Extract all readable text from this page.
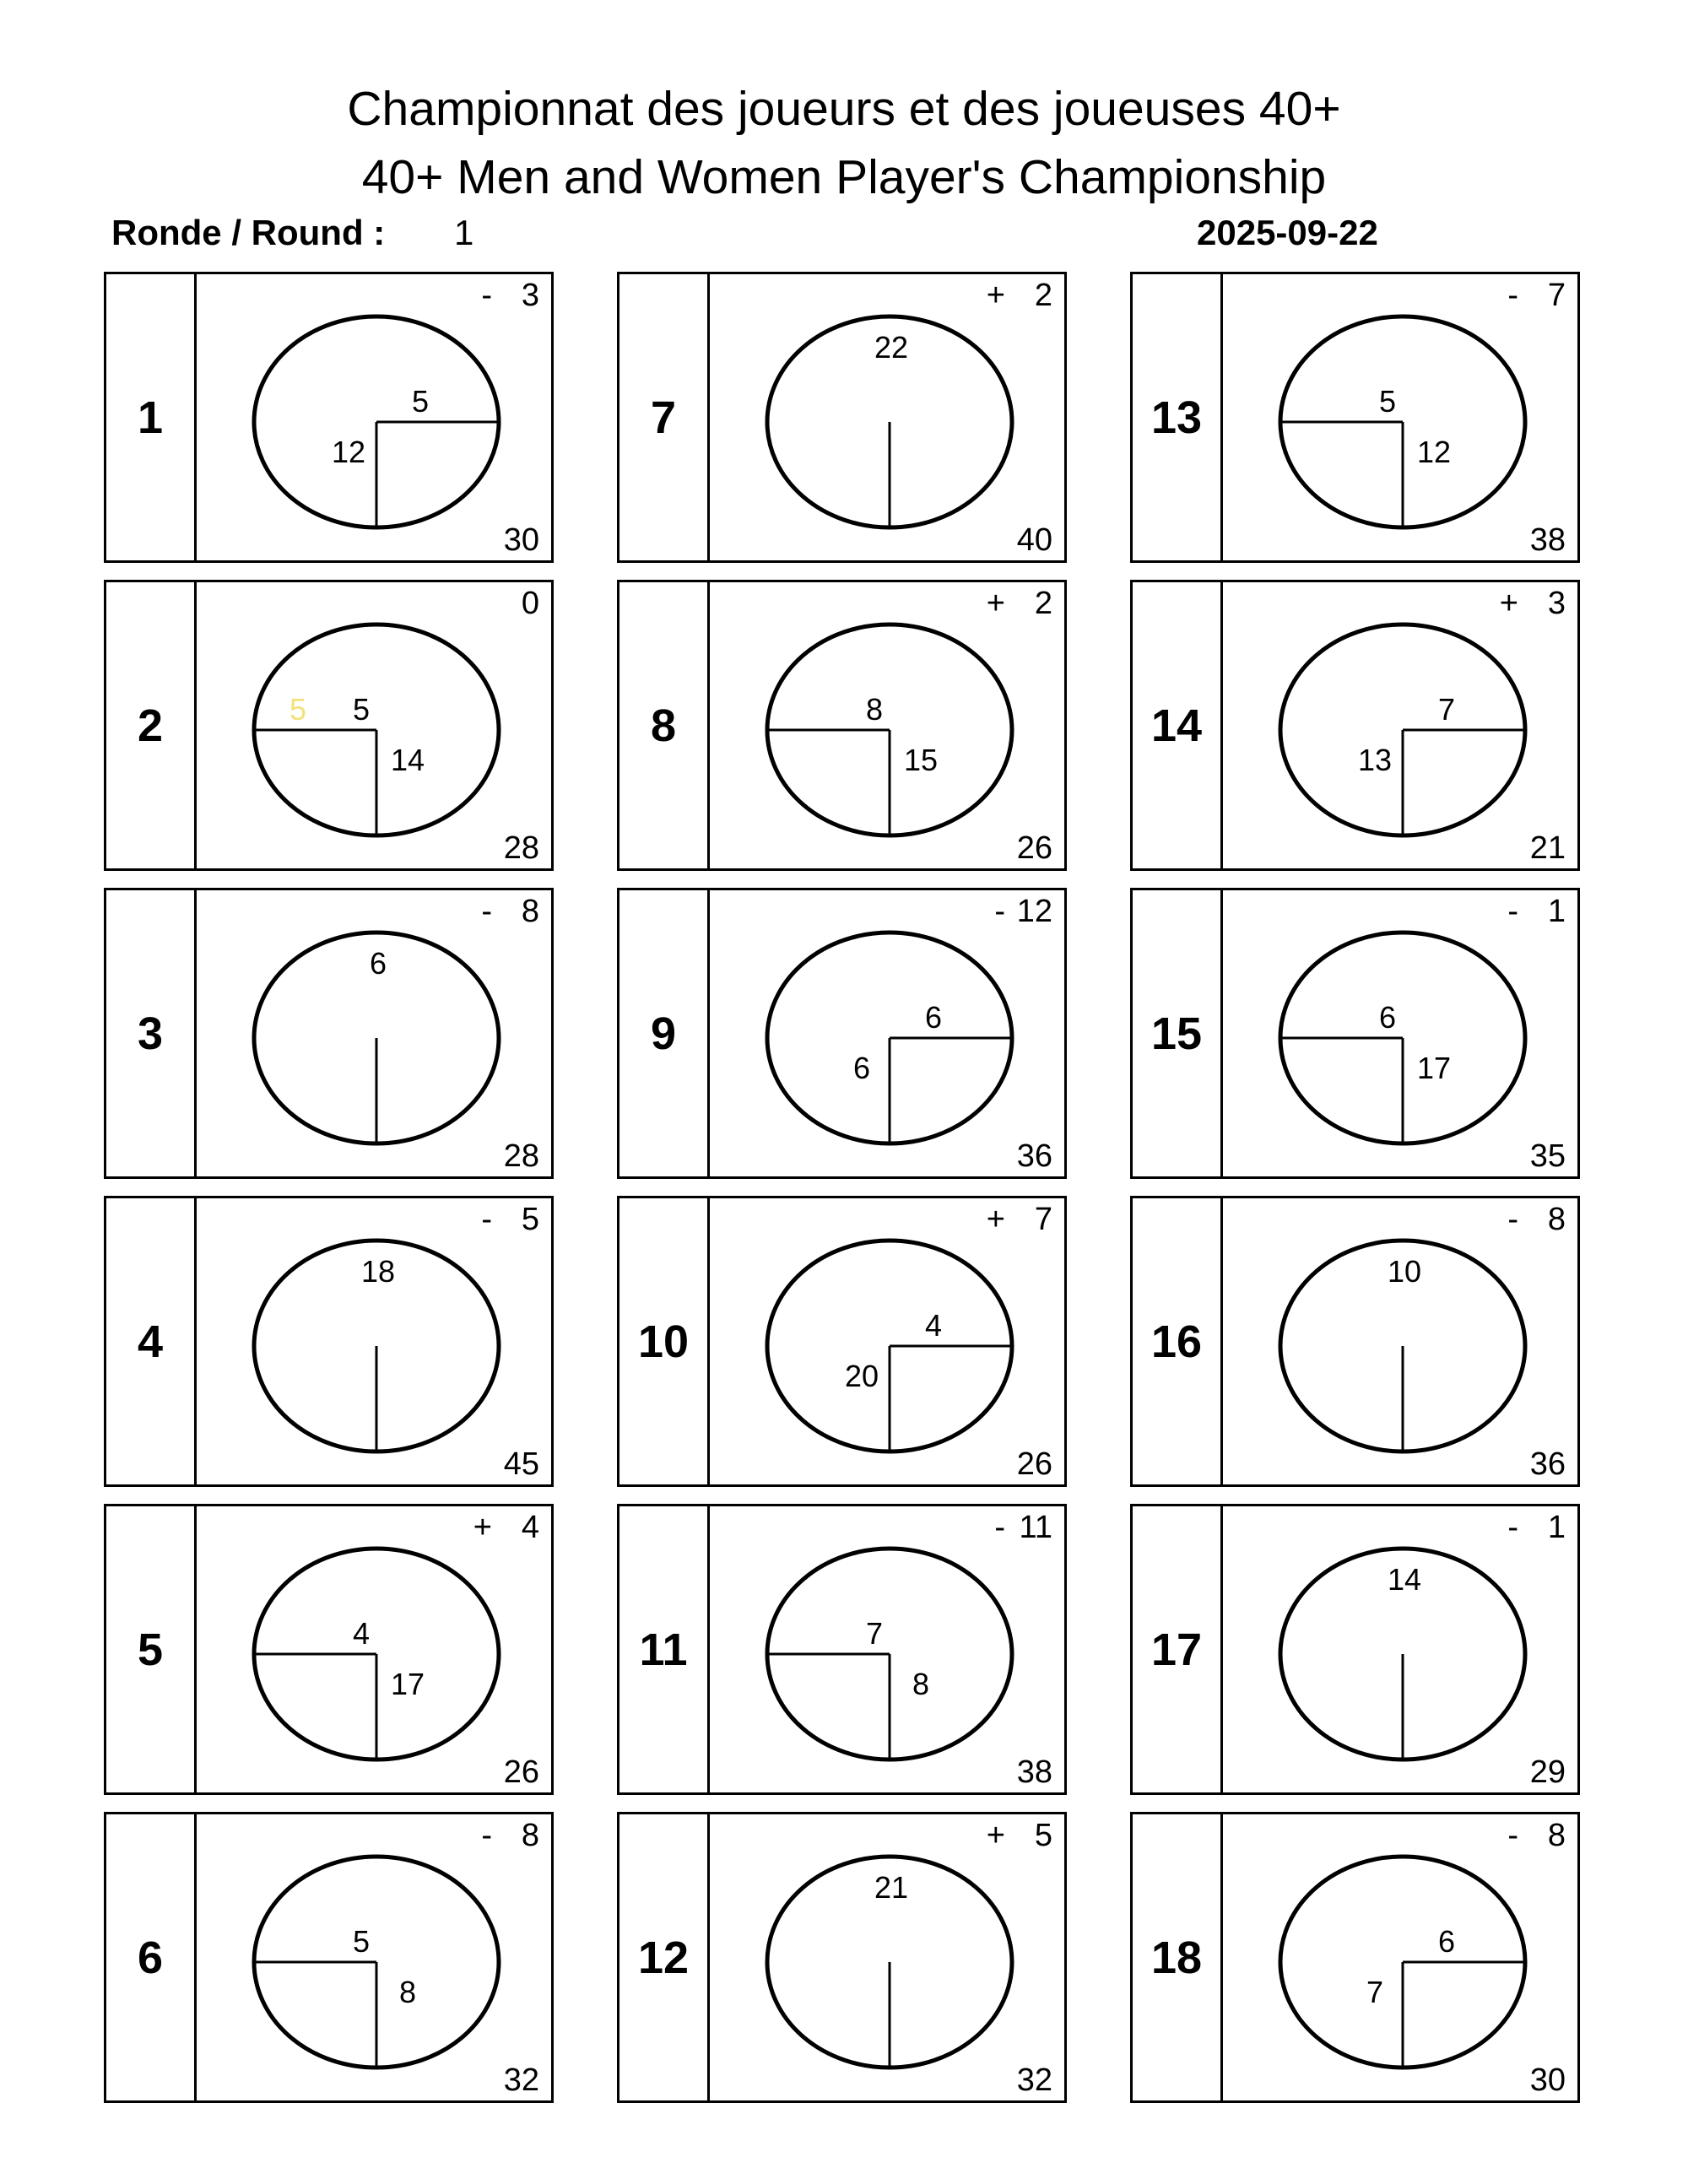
Championnat des joueurs et des joueuses 40+
40+ Men and Women Player's Championship
Ronde / Round : 1	2025-09-22
1
- 3
30
5
12
2
0
28
5 5
14
3
- 8
28
6
4
- 5
45
18
5
+ 4
26
4
17
6
- 8
32
5
8
7
+ 2
40
22
8
+ 2
26
8
15
9
- 12
36
6
6
10
+ 7
26
4
20
11
- 11
38
7
8
12
+ 5
32
21
13
- 7
38
5
12
14
+ 3
21
7
13
15
- 1
35
6
17
16
- 8
36
10
17
- 1
29
14
18
- 8
30
6
7
